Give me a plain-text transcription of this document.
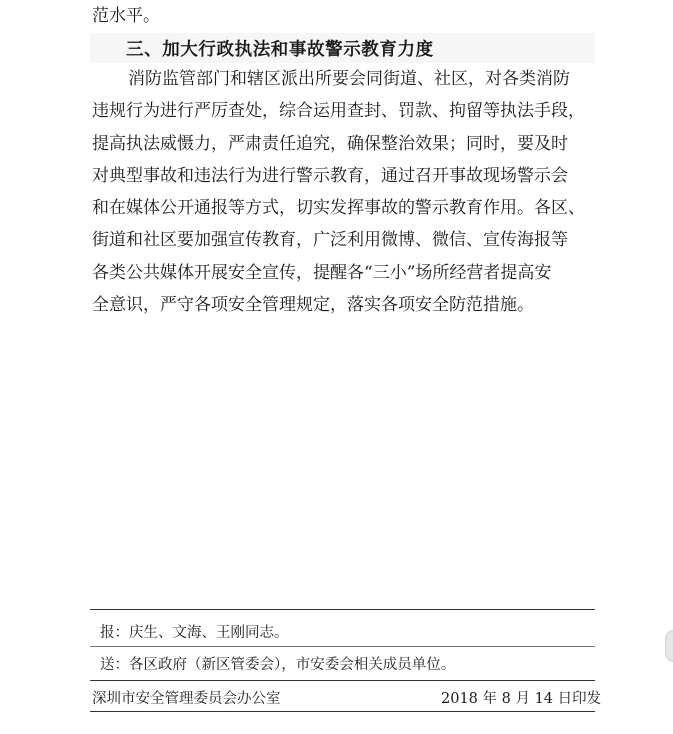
范水平。
三、加大行政执法和事故警示教育力度
消防监管部门和辖区派出所要会同街道、社区，对各类消防
违规行为进行严厉查处，综合运用查封、罚款、拘留等执法手段，
提高执法威慑力，严肃责任追究，确保整治效果；同时，要及时
对典型事故和违法行为进行警示教育，通过召开事故现场警示会
和在媒体公开通报等方式，切实发挥事故的警示教育作用。各区、
街道和社区要加强宣传教育，广泛利用微博、微信、宣传海报等
各类公共媒体开展安全宣传，提醒各“三小”场所经营者提高安
全意识，严守各项安全管理规定，落实各项安全防范措施。
报：庆生、文海、王刚同志。
送：各区政府（新区管委会），市安委会相关成员单位。
深圳市安全管理委员会办公室	2018 年 8 月 14 日印发
